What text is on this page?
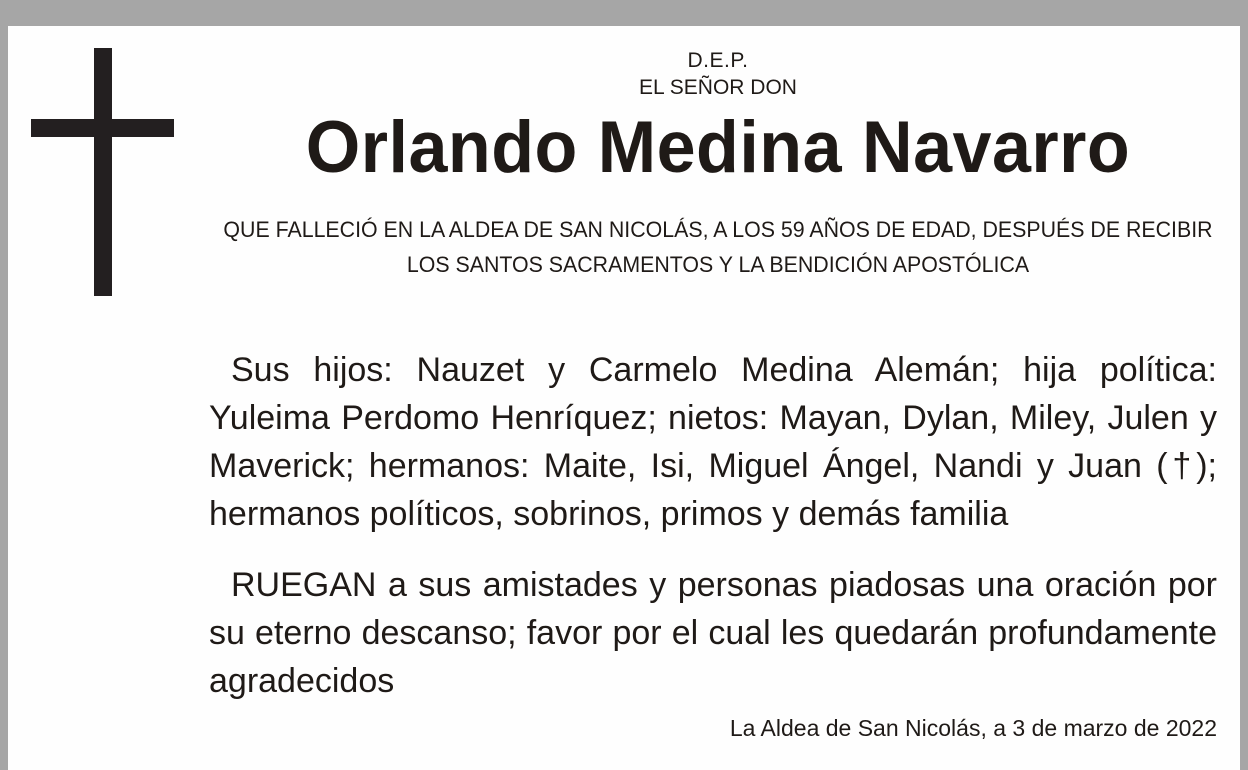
D.E.P.
EL SEÑOR DON
Orlando Medina Navarro
QUE FALLECIÓ EN LA ALDEA DE SAN NICOLÁS, A LOS 59 AÑOS DE EDAD, DESPUÉS DE RECIBIR LOS SANTOS SACRAMENTOS Y LA BENDICIÓN APOSTÓLICA

Sus hijos: Nauzet y Carmelo Medina Alemán; hija política: Yuleima Perdomo Henríquez; nietos: Mayan, Dylan, Miley, Julen y Maverick; hermanos: Maite, Isi, Miguel Ángel, Nandi y Juan (†); hermanos políticos, sobrinos, primos y demás familia

RUEGAN a sus amistades y personas piadosas una oración por su eterno descanso; favor por el cual les quedarán profundamente agradecidos

La Aldea de San Nicolás, a 3 de marzo de 2022
